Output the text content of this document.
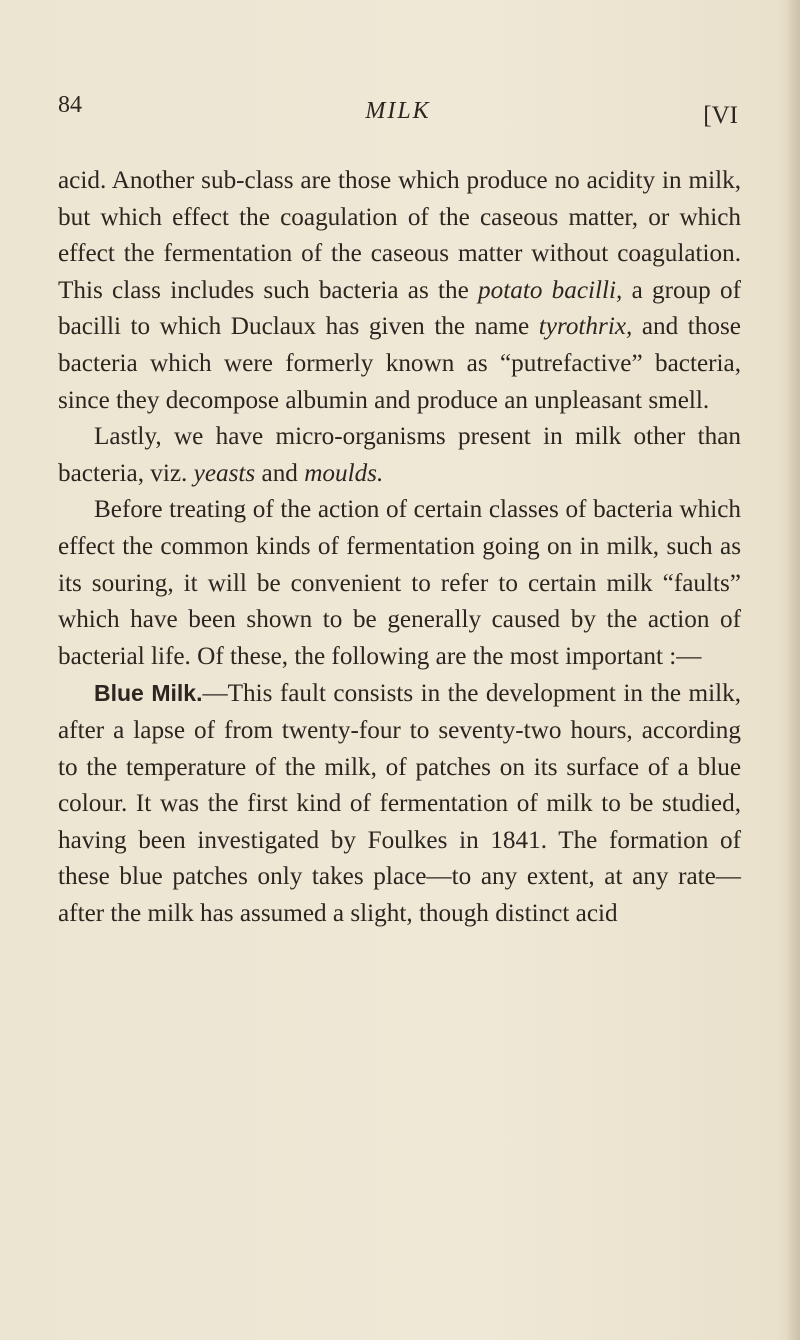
84	MILK	[VI

acid. Another sub-class are those which produce no acidity in milk, but which effect the coagulation of the caseous matter, or which effect the fermentation of the caseous matter without coagulation. This class includes such bacteria as the potato bacilli, a group of bacilli to which Duclaux has given the name tyrothrix, and those bacteria which were formerly known as “putrefactive” bacteria, since they decompose albumin and produce an unpleasant smell.

Lastly, we have micro-organisms present in milk other than bacteria, viz. yeasts and moulds.

Before treating of the action of certain classes of bacteria which effect the common kinds of fermentation going on in milk, such as its souring, it will be convenient to refer to certain milk “faults” which have been shown to be generally caused by the action of bacterial life. Of these, the following are the most important :—

Blue Milk.—This fault consists in the development in the milk, after a lapse of from twenty-four to seventy-two hours, according to the temperature of the milk, of patches on its surface of a blue colour. It was the first kind of fermentation of milk to be studied, having been investigated by Foulkes in 1841. The formation of these blue patches only takes place—to any extent, at any rate—after the milk has assumed a slight, though distinct acid
